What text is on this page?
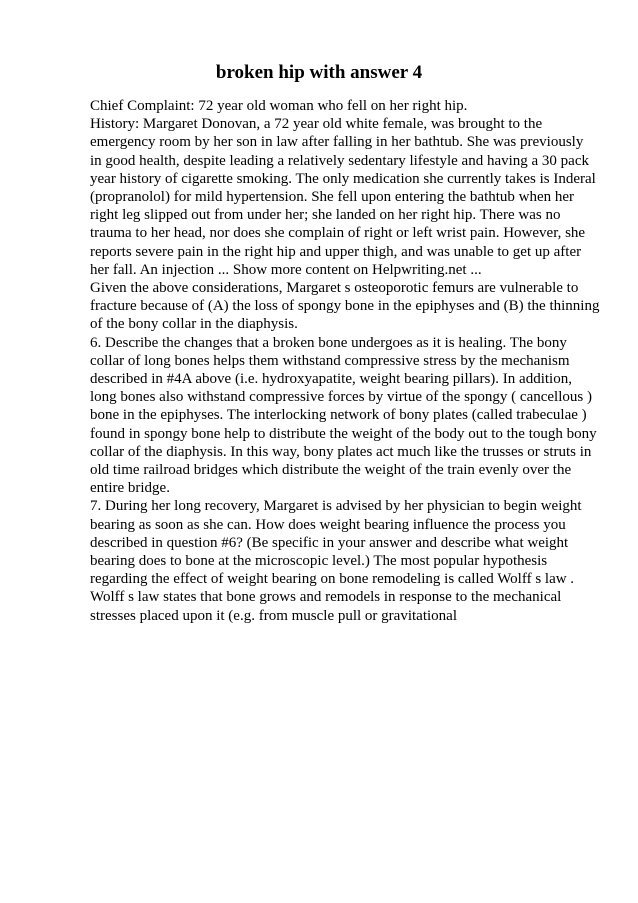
broken hip with answer 4
Chief Complaint: 72 year old woman who fell on her right hip.
History: Margaret Donovan, a 72 year old white female, was brought to the
emergency room by her son in law after falling in her bathtub. She was previously
in good health, despite leading a relatively sedentary lifestyle and having a 30 pack
year history of cigarette smoking. The only medication she currently takes is Inderal
(propranolol) for mild hypertension. She fell upon entering the bathtub when her
right leg slipped out from under her; she landed on her right hip. There was no
trauma to her head, nor does she complain of right or left wrist pain. However, she
reports severe pain in the right hip and upper thigh, and was unable to get up after
her fall. An injection ... Show more content on Helpwriting.net ...
Given the above considerations, Margaret s osteoporotic femurs are vulnerable to
fracture because of (A) the loss of spongy bone in the epiphyses and (B) the thinning
of the bony collar in the diaphysis.
6. Describe the changes that a broken bone undergoes as it is healing. The bony
collar of long bones helps them withstand compressive stress by the mechanism
described in #4A above (i.e. hydroxyapatite, weight bearing pillars). In addition,
long bones also withstand compressive forces by virtue of the spongy ( cancellous )
bone in the epiphyses. The interlocking network of bony plates (called trabeculae )
found in spongy bone help to distribute the weight of the body out to the tough bony
collar of the diaphysis. In this way, bony plates act much like the trusses or struts in
old time railroad bridges which distribute the weight of the train evenly over the
entire bridge.
7. During her long recovery, Margaret is advised by her physician to begin weight
bearing as soon as she can. How does weight bearing influence the process you
described in question #6? (Be specific in your answer and describe what weight
bearing does to bone at the microscopic level.) The most popular hypothesis
regarding the effect of weight bearing on bone remodeling is called Wolff s law .
Wolff s law states that bone grows and remodels in response to the mechanical
stresses placed upon it (e.g. from muscle pull or gravitational
